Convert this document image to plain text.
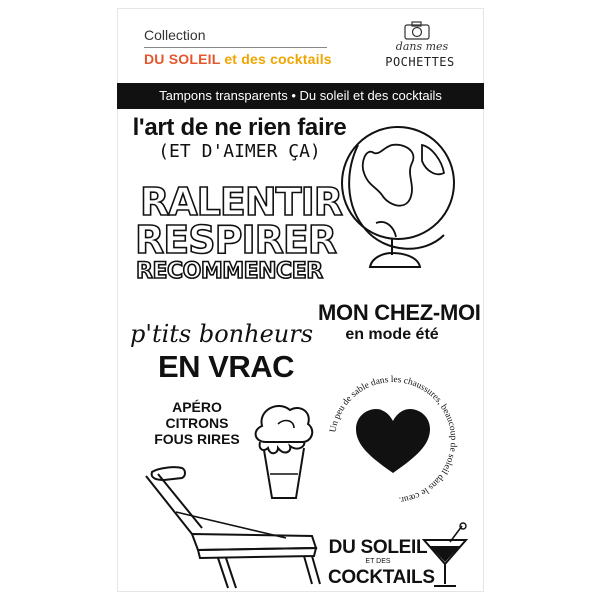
Collection
DU SOLEIL et des cocktails
dans mes
POCHETTES
Tampons transparents • Du soleil et des cocktails
l'art de ne rien faire
(ET D'AIMER ÇA)
RALENTIR
RESPIRER
RECOMMENCER
MON CHEZ-MOI
en mode été
p'tits bonheurs
EN VRAC
APÉRO
CITRONS
FOUS RIRES
Un peu de sable dans les chaussures, beaucoup de soleil dans le cœur.
DU SOLEIL
ET DES
COCKTAILS
